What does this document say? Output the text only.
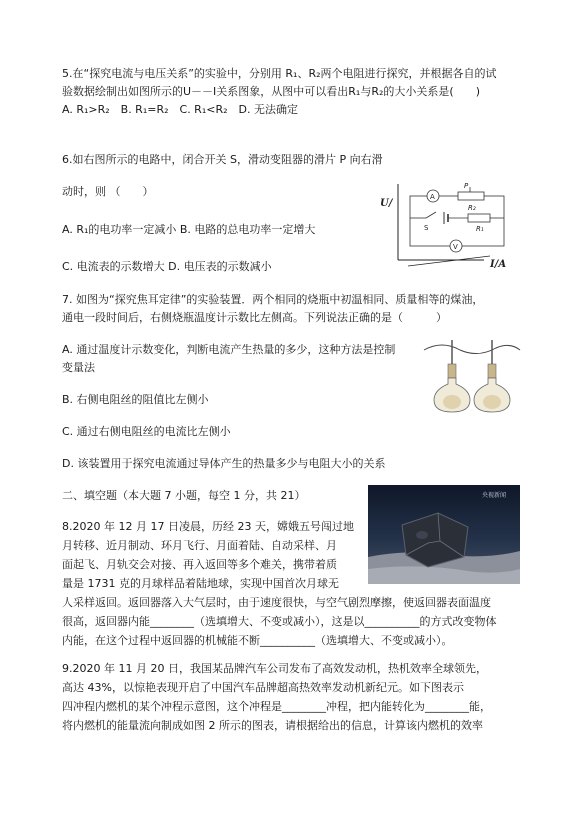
5.在“探究电流与电压关系”的实验中，分别用 R₁、R₂两个电阻进行探究，并根据各自的试
验数据绘制出如图所示的U－－I关系图象，从图中可以看出R₁与R₂的大小关系是(　　)
A. R₁>R₂　B. R₁=R₂　C. R₁<R₂　D. 无法确定
6.如右图所示的电路中，闭合开关 S，滑动变阻器的滑片 P 向右滑
动时，则 （　　）
A. R₁的电功率一定减小 B. 电路的总电功率一定增大
C. 电流表的示数增大 D. 电压表的示数减小
U/
I/A
A
R₂
P
S	R₁
V
7. 如图为“探究焦耳定律”的实验装置．两个相同的烧瓶中初温相同、质量相等的煤油，
通电一段时间后，右侧烧瓶温度计示数比左侧高。下列说法正确的是（　　　）
A. 通过温度计示数变化，判断电流产生热量的多少，这种方法是控制
变量法
B. 右侧电阻丝的阻值比左侧小
C. 通过右侧电阻丝的电流比左侧小
D. 该装置用于探究电流通过导体产生的热量多少与电阻大小的关系
二、填空题（本大题 7 小题，每空 1 分，共 21）
8.2020 年 12 月 17 日凌晨，历经 23 天，嫦娥五号闯过地
月转移、近月制动、环月飞行、月面着陆、自动采样、月
面起飞、月轨交会对接、再入返回等多个难关，携带着质
量是 1731 克的月球样品着陆地球，实现中国首次月球无
人采样返回。返回器落入大气层时，由于速度很快，与空气剧烈摩擦，使返回器表面温度
很高，返回器内能________（选填增大、不变或减小），这是以__________的方式改变物体
内能，在这个过程中返回器的机械能不断__________（选填增大、不变或减小）。
央视新闻
9.2020 年 11 月 20 日，我国某品牌汽车公司发布了高效发动机，热机效率全球领先，
高达 43%，以惊艳表现开启了中国汽车品牌超高热效率发动机新纪元。如下图表示
四冲程内燃机的某个冲程示意图，这个冲程是________冲程，把内能转化为________能，
将内燃机的能量流向制成如图 2 所示的图表，请根据给出的信息，计算该内燃机的效率
